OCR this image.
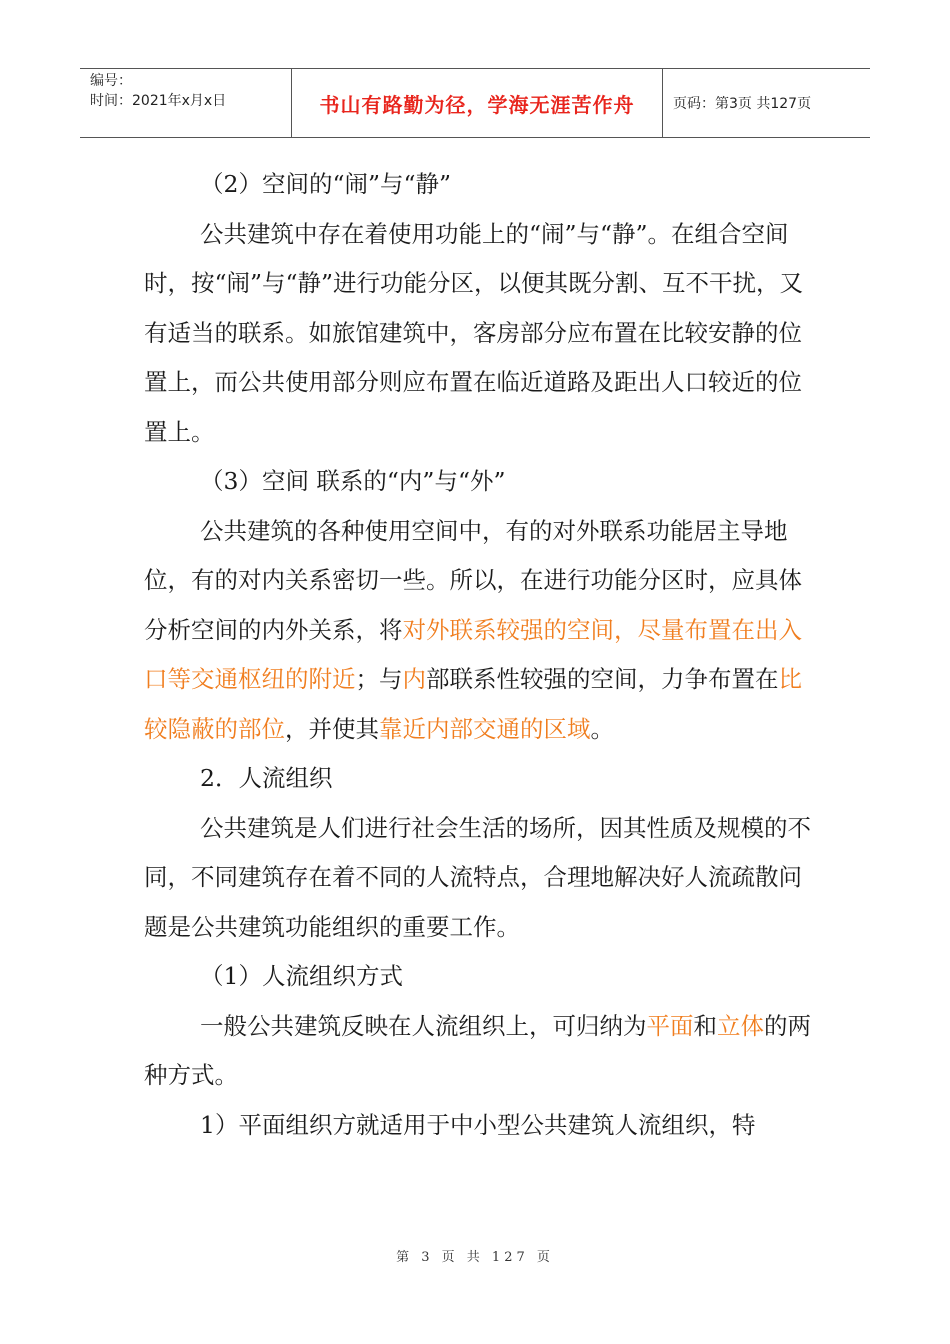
编号：
时间：2021年x月x日	书山有路勤为径，学海无涯苦作舟	页码：第3页 共127页

（2）空间的“闹”与“静”

公共建筑中存在着使用功能上的“闹”与“静”。在组合空间时，按“闹”与“静”进行功能分区，以便其既分割、互不干扰，又有适当的联系。如旅馆建筑中，客房部分应布置在比较安静的位置上，而公共使用部分则应布置在临近道路及距出人口较近的位置上。

（3）空间 联系的“内”与“外”

公共建筑的各种使用空间中，有的对外联系功能居主导地位，有的对内关系密切一些。所以，在进行功能分区时，应具体分析空间的内外关系，将对外联系较强的空间，尽量布置在出入口等交通枢纽的附近；与内部联系性较强的空间，力争布置在比较隐蔽的部位，并使其靠近内部交通的区域。

2．人流组织

公共建筑是人们进行社会生活的场所，因其性质及规模的不同，不同建筑存在着不同的人流特点，合理地解决好人流疏散问题是公共建筑功能组织的重要工作。

（1）人流组织方式

一般公共建筑反映在人流组织上，可归纳为平面和立体的两种方式。

1）平面组织方就适用于中小型公共建筑人流组织，特

第 3 页 共 127 页
